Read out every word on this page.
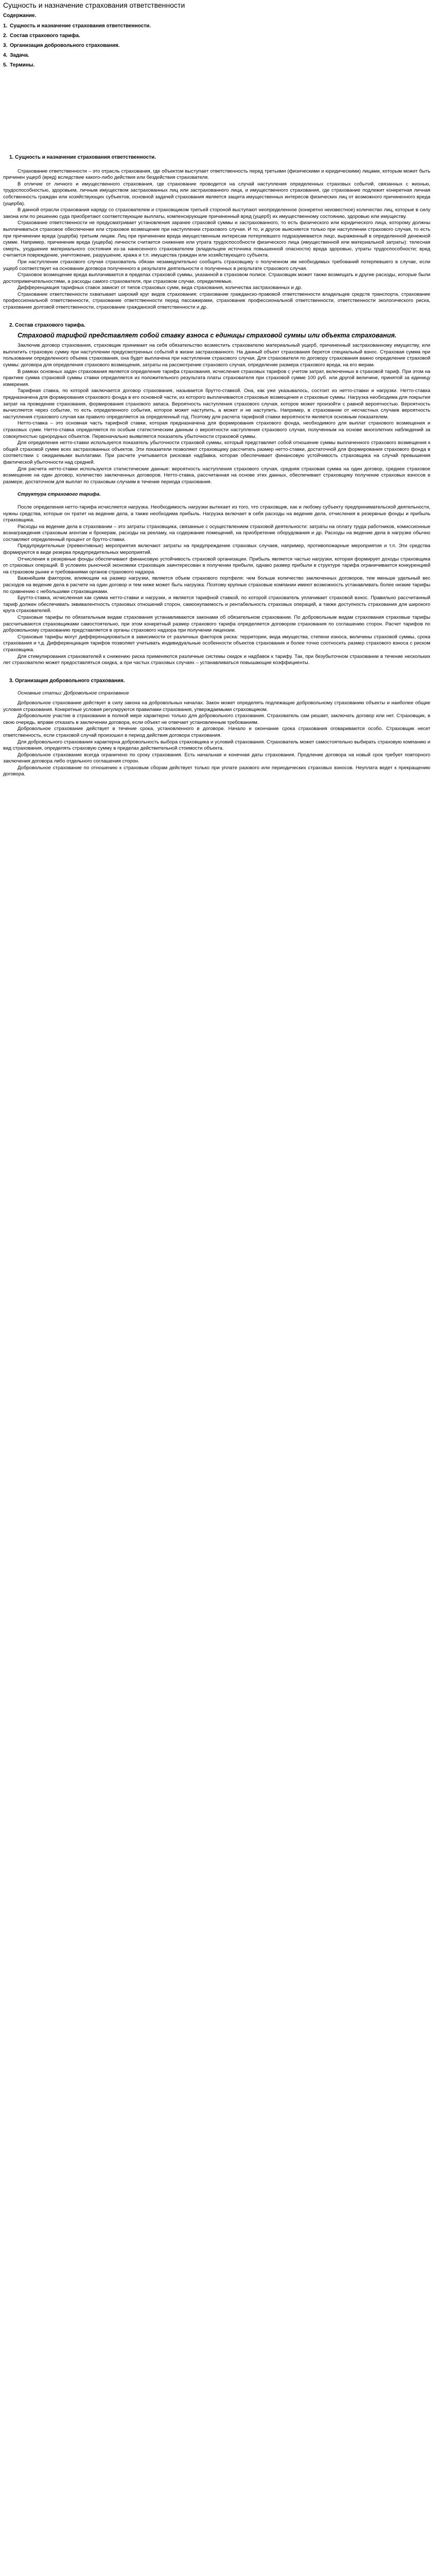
Сущность и назначение страхования ответственности
Содержание.
1. Сущность и назначение страхования ответственности.
2. Состав страхового тарифа.
3. Организация добровольного страхования.
4. Задача.
5. Термины.
1. Сущность и назначение страхования ответственности.

Страхование ответственности – это отрасль страхования, где объектом выступает ответственность перед третьими (физическими и юридическими) лицами, которым может быть причинен ущерб (вред) вследствие какого-либо действия или бездействия страхователя.

В отличие от личного и имущественного страхования, где страхование проводится на случай наступления определенных страховых событий, связанных с жизнью, трудоспособностью, здоровьем, личным имуществом застрахованных лиц или застрахованного лица, и имущественного страхования, где страхование подлежит конкретная личная собственность граждан или хозяйствующих субъектов, основной задачей страхования является защита имущественных интересов физических лиц от возможного причиненного вреда (ущерба).

В данной отрасли страхования наряду со страхователем и страховщиком третьей стороной выступают неопределенное (конкретно неизвестное) количество лиц, которые в силу закона или по решению суда приобретают соответствующие выплаты, компенсирующие причиненный вред (ущерб) их имущественному состоянию, здоровью или имуществу.

Страхование ответственности не предусматривает установления заранее страховой суммы и застрахованного, то есть физического или юридического лица, которому должны выплачиваться страховое обеспечение или страховое возмещение при наступлении страхового случая. И то, и другое выясняется только при наступлении страхового случая, то есть при причинении вреда (ущерба) третьим лицам. Лиц при причинении вреда имущественным интересам потерпевшего подразумевается лицо, выраженный в определенной денежной сумме. Например, причинение вреда (ущерба) личности считается снижение или утрата трудоспособности физического лица (имущественной или материальной затраты): телесная смерть, ухудшение материального состояния из-за нанесенного страхователем (владельцем источника повышенной опасности) вреда здоровью, утраты трудоспособности; вред считается повреждение, уничтожение, разрушение, кража и т.п. имущества граждан или хозяйствующего субъекта.

При наступлении страхового случая страхователь обязан незамедлительно сообщить страховщику о полученном им необходимых требований потерпевшего в случае, если ущерб соответствует на основании договора полученного в результате деятельности о полученных в результате страхового случая.

Страховое возмещение вреда выплачивается в пределах страховой суммы, указанной в страховом полисе. Страховщик может также возмещать и другие расходы, которые были достопримечательностями, а расходы самого страхователя, при страховом случае, определяемые.

Дифференциация тарифных ставок зависит от типов страховых сумм, вида страхования, количества застрахованных и др.

Страхование ответственности охватывает широкий круг видов страхования: страхование гражданско-правовой ответственности владельцев средств транспорта, страхование профессиональной ответственности, страхование ответственности перед пассажирами, страхование профессиональной ответственности, ответственности экологического риска, страхование долговой ответственности, страхование гражданской ответственности и др.

2. Состав страхового тарифа.

Страховой тарифой представляет собой ставку взноса с единицы страховой суммы или объекта страхования.

Заключив договор страхования, страховщик принимает на себя обязательство возместить страхователю материальный ущерб, причиненный застрахованному имуществу, или выплатить страховую сумму при наступлении предусмотренных событий в жизни застрахованного. На данный объект страхования берется специальный взнос. Страховая сумма при пользовании определенного объема страхования, она будет выплачена при наступлении страхового случая. Для страхователя по договору страхования важно определение страховой суммы: договора для определения страхового возмещения, затраты на рассмотрение страхового случая, определение размера страхового вреда, на его мерам.

В рамках основных задач страхования является определение тарифа страхования, исчисления страховых тарифов с учетом затрат, включенных в страховой тариф. При этом на практике сумма страховой суммы ставки определяется из положительного результата платы страхователя при страховой сумме 100 руб. или другой величине, принятой за единицу измерения.

Тарифная ставка, по которой заключается договор страхования, называется брутто-ставкой. Она, как уже указывалось, состоит из нетто-ставки и нагрузки. Нетто-ставка предназначена для формирования страхового фонда в его основной части, из которого выплачиваются страховые возмещения и страховые суммы. Нагрузка необходима для покрытия затрат на проведение страхования, формирования страхового запаса. Вероятность наступления страхового случая, которое может произойти с равной вероятностью. Вероятность вычисляется через событие, то есть определенного события, которое может наступить, а может и не наступить. Например, в страховании от несчастных случаев вероятность наступления страхового случая как правило определяется за определенный год. Поэтому для расчета тарифной ставки вероятности является основным показателем.

Нетто-ставка – это основная часть тарифной ставки, которая предназначена для формирования страхового фонда, необходимого для выплат страхового возмещения и страховых сумм. Нетто-ставка определяется по особым статистическим данным о вероятности наступления страхового случая, полученным на основе многолетних наблюдений за совокупностью однородных объектов. Первоначально выявляется показатель убыточности страховой суммы.

Для определения нетто-ставки используется показатель убыточности страховой суммы, который представляет собой отношение суммы выплаченного страхового возмещения к общей страховой сумме всех застрахованных объектов. Эти показатели позволяют страховщику рассчитать размер нетто-ставки, достаточной для формирования страхового фонда в соответствии с ожидаемыми выплатами. При расчете учитывается рисковая надбавка, которая обеспечивает финансовую устойчивость страховщика на случай превышения фактической убыточности над средней.

Для расчета нетто-ставки используются статистические данные: вероятность наступления страхового случая, средняя страховая сумма на один договор, среднее страховое возмещение на один договор, количество заключенных договоров. Нетто-ставка, рассчитанная на основе этих данных, обеспечивает страховщику получение страховых взносов в размере, достаточном для выплат по страховым случаям в течение периода страхования.

Структура страхового тарифа.

После определения нетто-тарифа исчисляется нагрузка. Необходимость нагрузки вытекает из того, что страховщик, как и любому субъекту предпринимательской деятельности, нужны средства, которые он тратит на ведение дела, а также необходима прибыль. Нагрузка включает в себя расходы на ведение дела, отчисления в резервные фонды и прибыль страховщика.

Расходы на ведение дела в страховании – это затраты страховщика, связанные с осуществлением страховой деятельности: затраты на оплату труда работников, комиссионные вознаграждения страховым агентам и брокерам, расходы на рекламу, на содержание помещений, на приобретение оборудования и др. Расходы на ведение дела в нагрузке обычно составляют определенный процент от брутто-ставки.

Предупредительные (превентивные) мероприятия включают затраты на предупреждение страховых случаев, например, противопожарные мероприятия и т.п. Эти средства формируются в виде резерва предупредительных мероприятий.

Отчисления в резервные фонды обеспечивают финансовую устойчивость страховой организации. Прибыль является частью нагрузки, которая формирует доходы страховщика от страховых операций. В условиях рыночной экономики страховщик заинтересован в получении прибыли, однако размер прибыли в структуре тарифа ограничивается конкуренцией на страховом рынке и требованиями органов страхового надзора.

Важнейшим фактором, влияющим на размер нагрузки, является объем страхового портфеля: чем больше количество заключенных договоров, тем меньше удельный вес расходов на ведение дела в расчете на один договор и тем ниже может быть нагрузка. Поэтому крупные страховые компании имеют возможность устанавливать более низкие тарифы по сравнению с небольшими страховщиками.

Брутто-ставка, исчисленная как сумма нетто-ставки и нагрузки, и является тарифной ставкой, по которой страхователь уплачивает страховой взнос. Правильно рассчитанный тариф должен обеспечивать эквивалентность страховых отношений сторон, самоокупаемость и рентабельность страховых операций, а также доступность страхования для широкого круга страхователей.

Страховые тарифы по обязательным видам страхования устанавливаются законами об обязательном страховании. По добровольным видам страхования страховые тарифы рассчитываются страховщиками самостоятельно, при этом конкретный размер страхового тарифа определяется договором страхования по соглашению сторон. Расчет тарифов по добровольному страхованию представляется в органы страхового надзора при получении лицензии.

Страховые тарифы могут дифференцироваться в зависимости от различных факторов риска: территории, вида имущества, степени износа, величины страховой суммы, срока страхования и т.д. Дифференциация тарифов позволяет учитывать индивидуальные особенности объектов страхования и более точно соотносить размер страхового взноса с риском страховщика.

Для стимулирования страхователей к снижению риска применяются различные системы скидок и надбавок к тарифу. Так, при безубыточном страховании в течение нескольких лет страхователю может предоставляться скидка, а при частых страховых случаях – устанавливаться повышающие коэффициенты.

3. Организация добровольного страхования.
Основные статьи: Добровольное страхование

Добровольное страхование действует в силу закона на добровольных началах. Закон может определять подлежащие добровольному страхованию объекты и наиболее общие условия страхования. Конкретные условия регулируются правилами страхования, утверждаемыми страховщиком.

Добровольное участие в страховании в полной мере характерно только для добровольного страхования. Страхователь сам решает, заключать договор или нет. Страховщик, в свою очередь, вправе отказать в заключении договора, если объект не отвечает установленным требованиям.

Добровольное страхование действует в течение срока, установленного в договоре. Начало и окончание срока страхования оговариваются особо. Страховщик несет ответственность, если страховой случай произошел в период действия договора страхования.

Для добровольного страхования характерна добровольность выбора страховщика и условий страхования. Страхователь может самостоятельно выбирать страховую компанию и вид страхования, определять страховую сумму в пределах действительной стоимости объекта.

Добровольное страхование всегда ограничено по сроку страхования. Есть начальная и конечная даты страхования. Продление договора на новый срок требует повторного заключения договора либо отдельного соглашения сторон.

Добровольное страхование по отношению к страховым сборам действует только при уплате разового или периодических страховых взносов. Неуплата ведет к прекращению договора.
